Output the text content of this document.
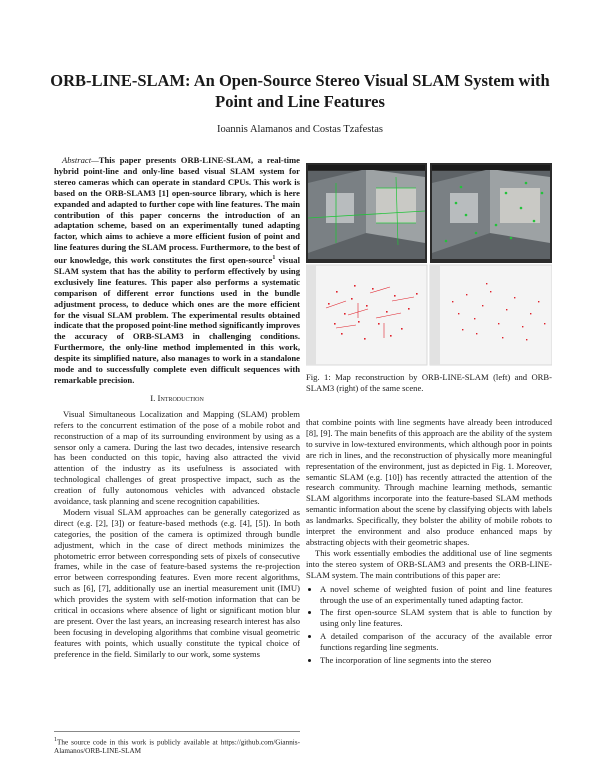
ORB-LINE-SLAM: An Open-Source Stereo Visual SLAM System with Point and Line Features
Ioannis Alamanos and Costas Tzafestas

Abstract—This paper presents ORB-LINE-SLAM, a real-time hybrid point-line and only-line based visual SLAM system for stereo cameras which can operate in standard CPUs. This work is based on the ORB-SLAM3 [1] open-source library, which is here expanded and adapted to further cope with line features. The main contribution of this paper concerns the introduction of an adaptation scheme, based on an experimentally tuned adapting factor, which aims to achieve a more efficient fusion of point and line features during the SLAM process. Furthermore, to the best of our knowledge, this work constitutes the first open-source$^1$ visual SLAM system that has the ability to perform effectively by using exclusively line features. This paper also performs a systematic comparison of different error functions used in the bundle adjustment process, to deduce which ones are the more efficient for the visual SLAM problem. The experimental results obtained indicate that the proposed point-line method significantly improves the accuracy of ORB-SLAM3 in challenging conditions. Furthermore, the only-line method implemented in this work, despite its simplified nature, also manages to work in a standalone mode and to successfully complete even difficult sequences with remarkable precision.

I. Introduction

Visual Simultaneous Localization and Mapping (SLAM) problem refers to the concurrent estimation of the pose of a mobile robot and reconstruction of a map of its surrounding environment by using as a sensor only a camera. During the last two decades, intensive research has been conducted on this topic, having also attracted the vivid attention of the industry as its usefulness is associated with technological challenges of great prospective impact, such as the creation of fully autonomous vehicles with advanced obstacle avoidance, task planning and scene recognition capabilities.

Modern visual SLAM approaches can be generally categorized as direct (e.g. [2], [3]) or feature-based methods (e.g. [4], [5]). In both categories, the position of the camera is optimized through bundle adjustment, which in the case of direct methods minimizes the photometric error between corresponding sets of pixels of consecutive frames, while in the case of feature-based systems the re-projection error between corresponding features. Even more recent algorithms, such as [6], [7], additionally use an inertial measurement unit (IMU) which provides the system with self-motion information that can be critical in occasions where absence of light or significant motion blur are present. Over the last years, an increasing research interest has also been focusing in developing algorithms that combine visual geometric features with points, which usually constitute the typical choice of preference in the field. Similarly to our work, some systems

$^1$The source code in this work is publicly available at https://github.com/Giannis-Alamanos/ORB-LINE-SLAM
Fig. 1: Map reconstruction by ORB-LINE-SLAM (left) and ORB-SLAM3 (right) of the same scene.

that combine points with line segments have already been introduced [8], [9]. The main benefits of this approach are the ability of the system to survive in low-textured environments, which although poor in points are rich in lines, and the reconstruction of physically more meaningful representation of the environment, just as depicted in Fig. 1. Moreover, semantic SLAM (e.g. [10]) has recently attracted the attention of the research community. Through machine learning methods, semantic SLAM algorithms incorporate into the feature-based SLAM methods semantic information about the scene by classifying objects with labels as landmarks. Specifically, they bolster the ability of mobile robots to interpret the environment and also produce enhanced maps by abstracting objects with their geometric shapes.

This work essentially embodies the additional use of line segments into the stereo system of ORB-SLAM3 and presents the ORB-LINE-SLAM system. The main contributions of this paper are:

• A novel scheme of weighted fusion of point and line features through the use of an experimentally tuned adapting factor.
• The first open-source SLAM system that is able to function by using only line features.
• A detailed comparison of the accuracy of the available error functions regarding line segments.
• The incorporation of line segments into the stereo
